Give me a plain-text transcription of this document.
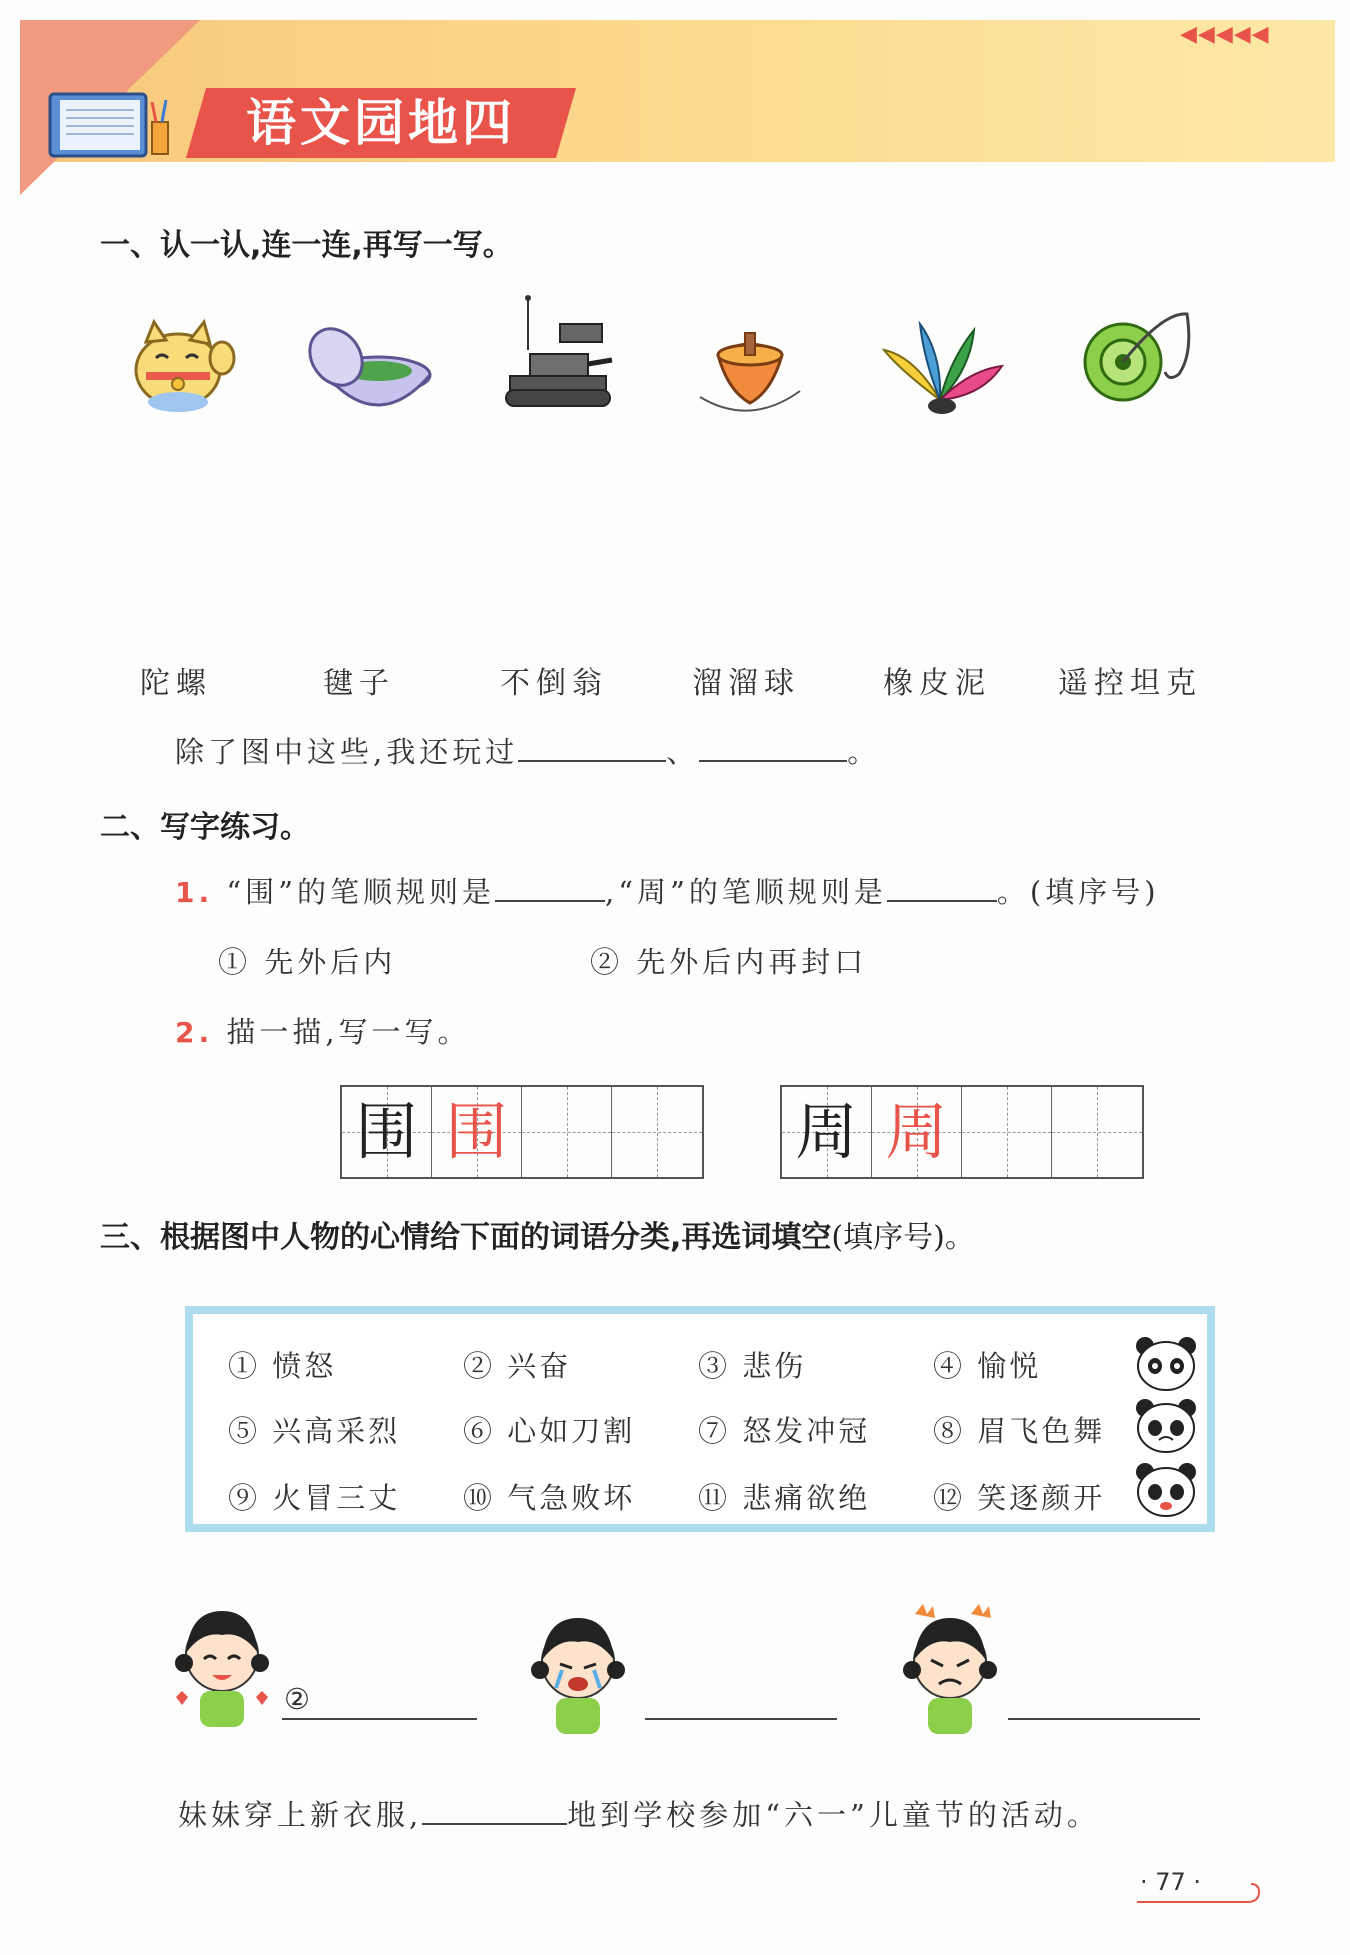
语文园地四
◀◀◀◀◀
一、认一认,连一连,再写一写。
陀螺	毽子	不倒翁	溜溜球	橡皮泥 遥控坦克
除了图中这些,我还玩过	、	。
二、写字练习。
1. “围”的笔顺规则是	,“周”的笔顺规则是	。(填序号)
① 先外后内	② 先外后内再封口
2. 描一描,写一写。
围 围	周 周
三、根据图中人物的心情给下面的词语分类,再选词填空(填序号)。
① 愤怒	② 兴奋	③ 悲伤	④ 愉悦
⑤ 兴高采烈 ⑥ 心如刀割 ⑦ 怒发冲冠 ⑧ 眉飞色舞
⑨ 火冒三丈 ⑩ 气急败坏 ⑪ 悲痛欲绝 ⑫ 笑逐颜开
②
妹妹穿上新衣服,	地到学校参加“六一”儿童节的活动。
· 77 ·
